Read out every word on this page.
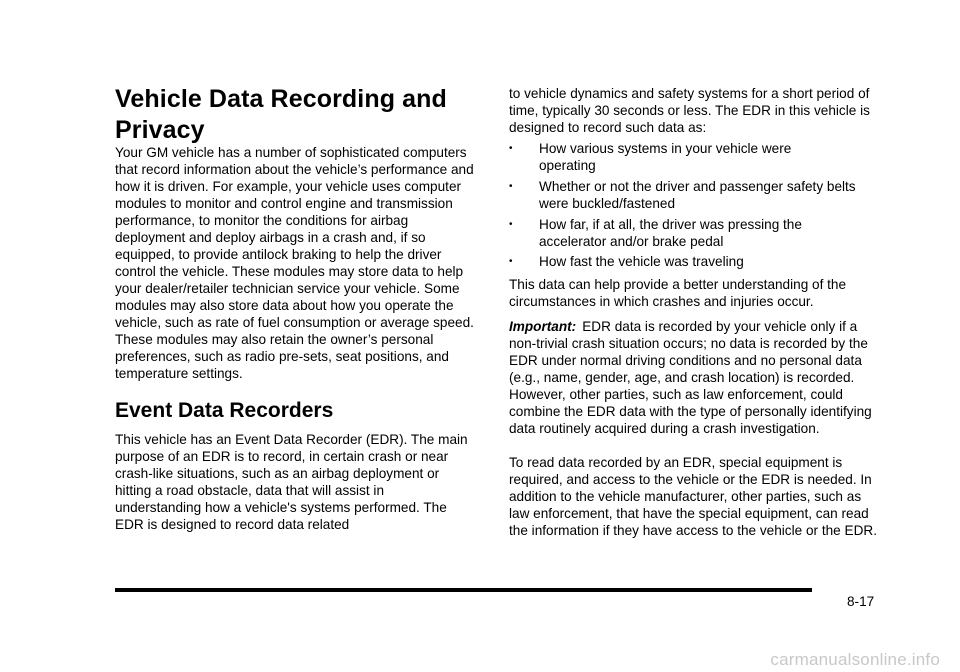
Vehicle Data Recording and Privacy

Your GM vehicle has a number of sophisticated computers that record information about the vehicle’s performance and how it is driven. For example, your vehicle uses computer modules to monitor and control engine and transmission performance, to monitor the conditions for airbag deployment and deploy airbags in a crash and, if so equipped, to provide antilock braking to help the driver control the vehicle. These modules may store data to help your dealer/retailer technician service your vehicle. Some modules may also store data about how you operate the vehicle, such as rate of fuel consumption or average speed. These modules may also retain the owner’s personal preferences, such as radio pre-sets, seat positions, and temperature settings.

Event Data Recorders

This vehicle has an Event Data Recorder (EDR). The main purpose of an EDR is to record, in certain crash or near crash-like situations, such as an airbag deployment or hitting a road obstacle, data that will assist in understanding how a vehicle's systems performed. The EDR is designed to record data related

to vehicle dynamics and safety systems for a short period of time, typically 30 seconds or less. The EDR in this vehicle is designed to record such data as:

• How various systems in your vehicle were operating
• Whether or not the driver and passenger safety belts were buckled/fastened
• How far, if at all, the driver was pressing the accelerator and/or brake pedal
• How fast the vehicle was traveling

This data can help provide a better understanding of the circumstances in which crashes and injuries occur.

Important: EDR data is recorded by your vehicle only if a non-trivial crash situation occurs; no data is recorded by the EDR under normal driving conditions and no personal data (e.g., name, gender, age, and crash location) is recorded. However, other parties, such as law enforcement, could combine the EDR data with the type of personally identifying data routinely acquired during a crash investigation.

To read data recorded by an EDR, special equipment is required, and access to the vehicle or the EDR is needed. In addition to the vehicle manufacturer, other parties, such as law enforcement, that have the special equipment, can read the information if they have access to the vehicle or the EDR.

8-17
carmanualsonline.info
